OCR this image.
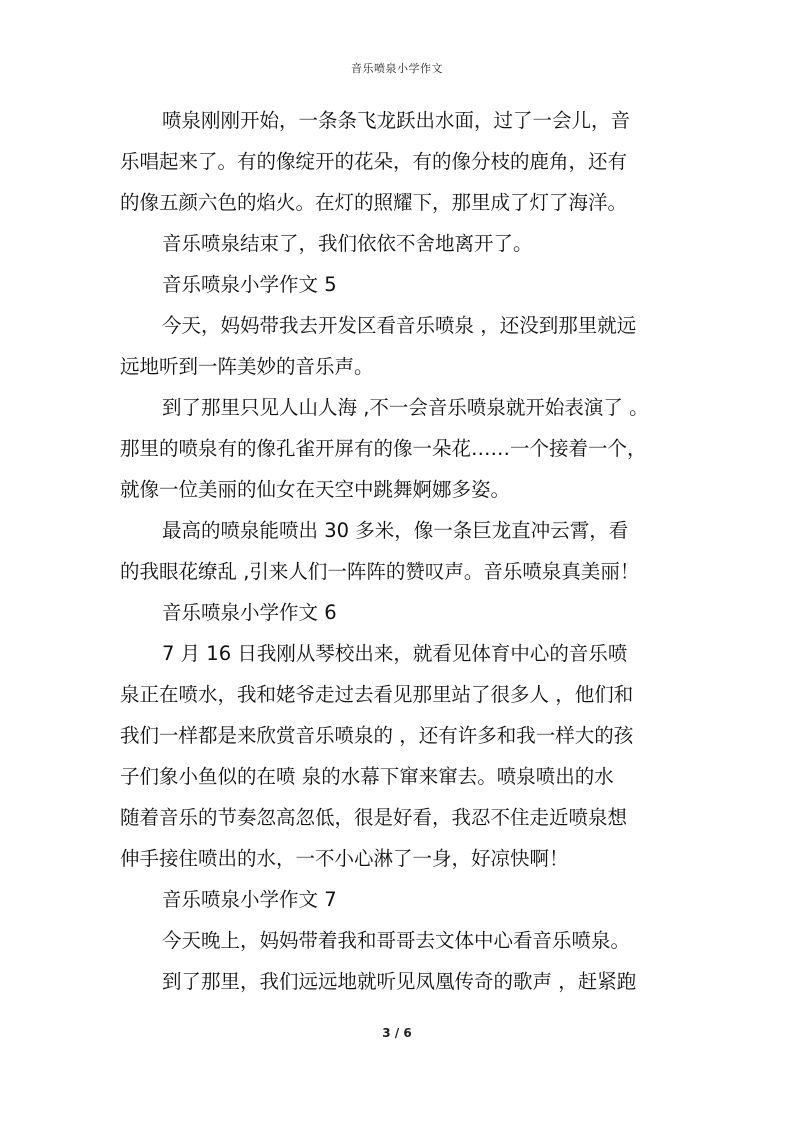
音乐喷泉小学作文
喷泉刚刚开始，一条条飞龙跃出水面，过了一会儿，音
乐唱起来了。有的像绽开的花朵，有的像分枝的鹿角，还有
的像五颜六色的焰火。在灯的照耀下，那里成了灯了海洋。
音乐喷泉结束了，我们依依不舍地离开了。
音乐喷泉小学作文 5
今天，妈妈带我去开发区看音乐喷泉 ，还没到那里就远
远地听到一阵美妙的音乐声。
到了那里只见人山人海 ,不一会音乐喷泉就开始表演了 。
那里的喷泉有的像孔雀开屏有的像一朵花……一个接着一个，
就像一位美丽的仙女在天空中跳舞婀娜多姿。
最高的喷泉能喷出 30 多米，像一条巨龙直冲云霄，看
的我眼花缭乱 ,引来人们一阵阵的赞叹声。音乐喷泉真美丽！
音乐喷泉小学作文 6
7 月 16 日我刚从琴校出来，就看见体育中心的音乐喷
泉正在喷水，我和姥爷走过去看见那里站了很多人 ，他们和
我们一样都是来欣赏音乐喷泉的 ，还有许多和我一样大的孩
子们象小鱼似的在喷 泉的水幕下窜来窜去。喷泉喷出的水
随着音乐的节奏忽高忽低，很是好看，我忍不住走近喷泉想
伸手接住喷出的水，一不小心淋了一身，好凉快啊！
音乐喷泉小学作文 7
今天晚上，妈妈带着我和哥哥去文体中心看音乐喷泉。
到了那里，我们远远地就听见凤凰传奇的歌声 ，赶紧跑
3 / 6
